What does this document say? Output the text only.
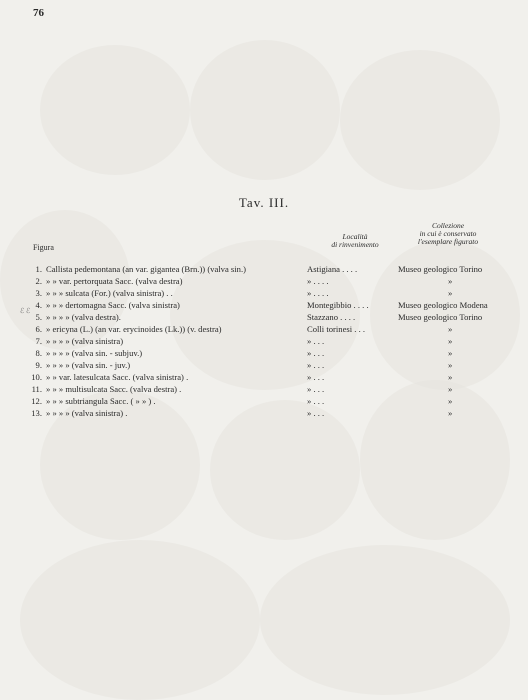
76
Tav. III.
Figura
Località
di rinvenimento
Collezione
in cui è conservato
l'esemplare figurato
ℰ ℰ
1. Callista pedemontana (an var. gigantea (Brn.)) (valva sin.)	Astigiana . . . .	Museo geologico Torino
2. » » var. pertorquata Sacc. (valva destra)	» . . . .	»
3. » » » sulcata (For.) (valva sinistra) . .	» . . . .	»
4. » » » dertomagna Sacc. (valva sinistra)	Montegibbio . . . .	Museo geologico Modena
5. » » » » (valva destra).	Stazzano . . . .	Museo geologico Torino
6. » ericyna (L.) (an var. erycinoides (Lk.)) (v. destra)	Colli torinesi . . .	»
7. » » » » (valva sinistra)	» . . .	»
8. » » » » (valva sin. - subjuv.)	» . . .	»
9. » » » » (valva sin. - juv.)	» . . .	»
10. » » var. latesulcata Sacc. (valva sinistra) .	» . . .	»
11. » » » multisulcata Sacc. (valva destra) .	» . . .	»
12. » » » subtriangula Sacc. ( » » ) .	» . . .	»
13. » » » » (valva sinistra) .	» . . .	»
